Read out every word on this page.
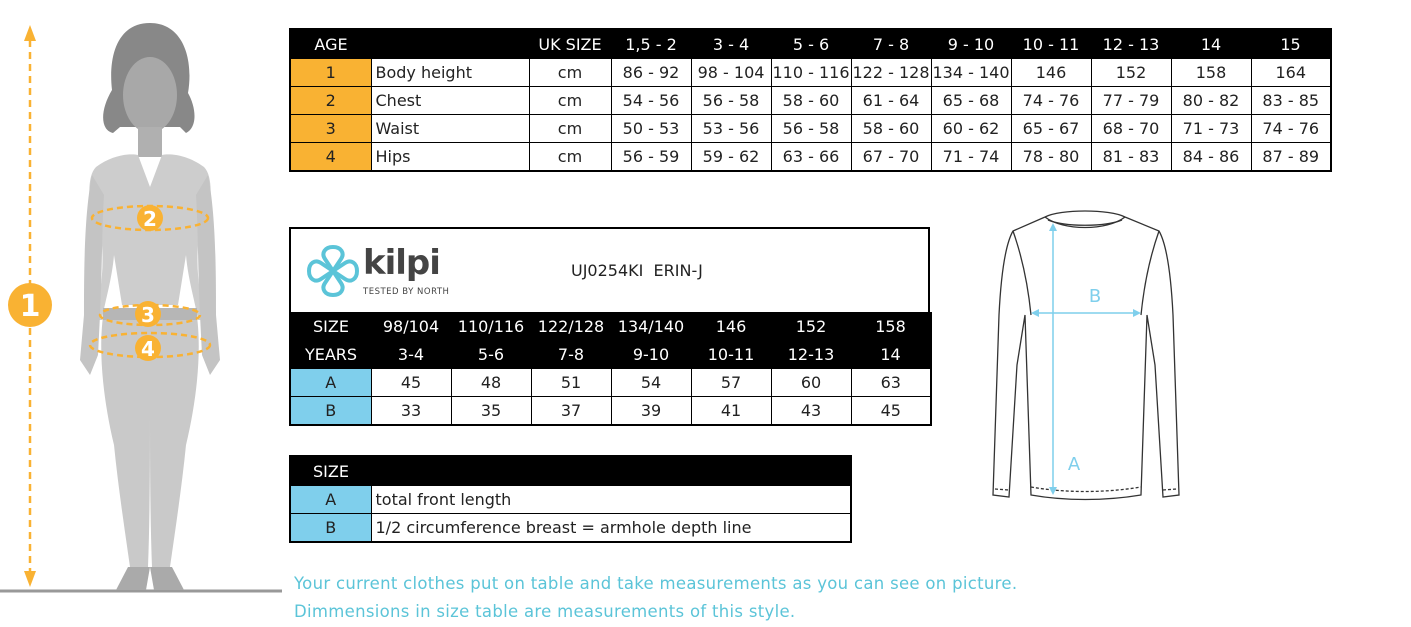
1
2
3
4
AGE		UK SIZE	1,5 - 2	3 - 4	5 - 6	7 - 8	9 - 10	10 - 11	12 - 13	14	15
1	Body height	cm	86 - 92	98 - 104	110 - 116	122 - 128	134 - 140	146	152	158	164
2	Chest	cm	54 - 56	56 - 58	58 - 60	61 - 64	65 - 68	74 - 76	77 - 79	80 - 82	83 - 85
3	Waist	cm	50 - 53	53 - 56	56 - 58	58 - 60	60 - 62	65 - 67	68 - 70	71 - 73	74 - 76
4	Hips	cm	56 - 59	59 - 62	63 - 66	67 - 70	71 - 74	78 - 80	81 - 83	84 - 86	87 - 89
kilpi
TESTED BY NORTH
UJ0254KI  ERIN-J
SIZE	98/104	110/116	122/128	134/140	146	152	158
YEARS	3-4	5-6	7-8	9-10	10-11	12-13	14
A	45	48	51	54	57	60	63
B	33	35	37	39	41	43	45
SIZE	
A	total front length
B	1/2 circumference breast = armhole depth line
B
A
Your current clothes put on table and take measurements as you can see on picture.
Dimmensions in size table are measurements of this style.
